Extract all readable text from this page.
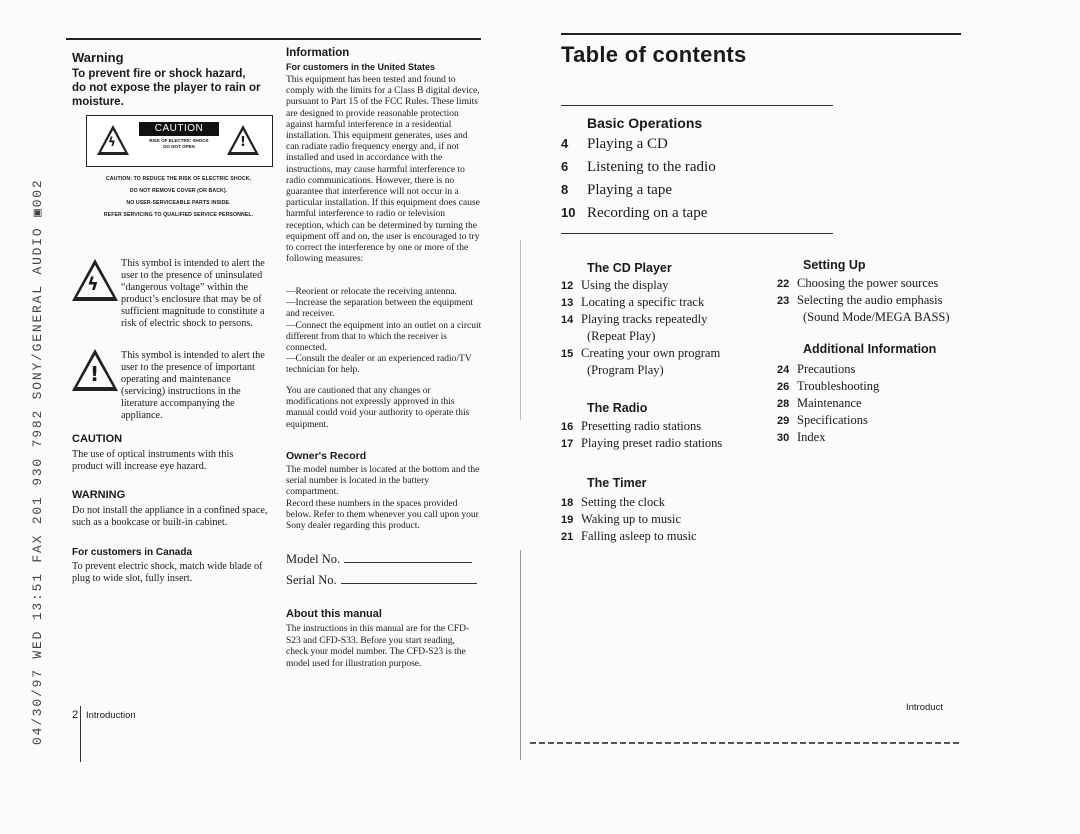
04/30/97 WED 13:51 FAX 201 930 7982 SONY/GENERAL AUDIO ▣002
Warning
To prevent fire or shock hazard, do not expose the player to rain or moisture.
ϟ
CAUTION
RISK OF ELECTRIC SHOCK
DO NOT OPEN	!
CAUTION: TO REDUCE THE RISK OF ELECTRIC SHOCK,
DO NOT REMOVE COVER (OR BACK).
NO USER-SERVICEABLE PARTS INSIDE.
REFER SERVICING TO QUALIFIED SERVICE PERSONNEL.
ϟ
This symbol is intended to alert the user to the presence of uninsulated “dangerous voltage” within the product’s enclosure that may be of sufficient magnitude to constitute a risk of electric shock to persons.
!
This symbol is intended to alert the user to the presence of important operating and maintenance (servicing) instructions in the literature accompanying the appliance.
CAUTION
The use of optical instruments with this product will increase eye hazard.
WARNING
Do not install the appliance in a confined space, such as a bookcase or built-in cabinet.
For customers in Canada
To prevent electric shock, match wide blade of plug to wide slot, fully insert.
Information
For customers in the United States
This equipment has been tested and found to comply with the limits for a Class B digital device, pursuant to Part 15 of the FCC Rules. These limits are designed to provide reasonable protection against harmful interference in a residential installation. This equipment generates, uses and can radiate radio frequency energy and, if not installed and used in accordance with the instructions, may cause harmful interference to radio communications. However, there is no guarantee that interference will not occur in a particular installation. If this equipment does cause harmful interference to radio or television reception, which can be determined by turning the equipment off and on, the user is encouraged to try to correct the interference by one or more of the following measures:

—Reorient or relocate the receiving antenna.

—Increase the separation between the equipment and receiver.

—Connect the equipment into an outlet on a circuit different from that to which the receiver is connected.

—Consult the dealer or an experienced radio/TV technician for help.

You are cautioned that any changes or modifications not expressly approved in this manual could void your authority to operate this equipment.
Owner's Record
The model number is located at the bottom and the serial number is located in the battery compartment.
Record these numbers in the spaces provided below. Refer to them whenever you call upon your Sony dealer regarding this product.
Model No.
Serial No.
About this manual
The instructions in this manual are for the CFD-S23 and CFD-S33. Before you start reading, check your model number. The CFD-S23 is the model used for illustration purpose.
2 Introduction
Table of contents
Basic Operations
4 Playing a CD
6 Listening to the radio
8 Playing a tape
10 Recording on a tape
The CD Player
12 Using the display
13 Locating a specific track
14 Playing tracks repeatedly
(Repeat Play)
15 Creating your own program
(Program Play)
The Radio
16 Presetting radio stations
17 Playing preset radio stations
The Timer
18 Setting the clock
19 Waking up to music
21 Falling asleep to music
Setting Up
22 Choosing the power sources
23 Selecting the audio emphasis
(Sound Mode/MEGA BASS)
Additional Information
24 Precautions
26 Troubleshooting
28 Maintenance
29 Specifications
30 Index
Introduct
